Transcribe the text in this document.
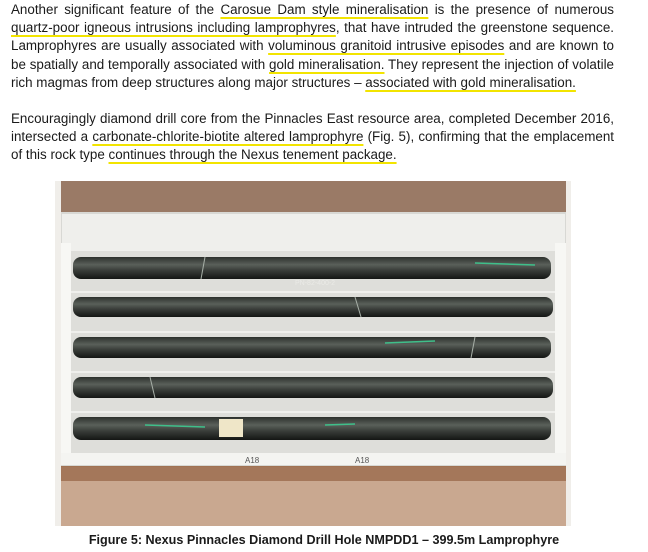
Another significant feature of the Carosue Dam style mineralisation is the presence of numerous quartz-poor igneous intrusions including lamprophyres, that have intruded the greenstone sequence. Lamprophyres are usually associated with voluminous granitoid intrusive episodes and are known to be spatially and temporally associated with gold mineralisation. They represent the injection of volatile rich magmas from deep structures along major structures – associated with gold mineralisation.

Encouragingly diamond drill core from the Pinnacles East resource area, completed December 2016, intersected a carbonate-chlorite-biotite altered lamprophyre (Fig. 5), confirming that the emplacement of this rock type continues through the Nexus tenement package.

PN-82-400-2
A18	A18
Figure 5: Nexus Pinnacles Diamond Drill Hole NMPDD1 – 399.5m Lamprophyre
